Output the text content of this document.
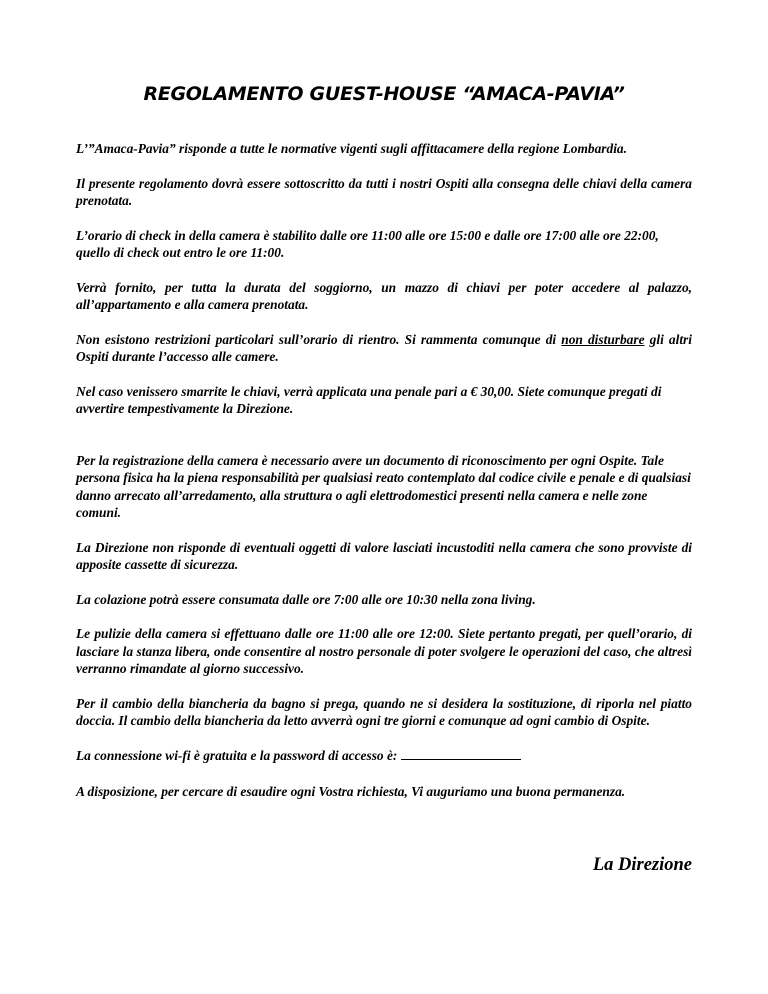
REGOLAMENTO GUEST-HOUSE “AMACA-PAVIA”

L’”Amaca-Pavia” risponde a tutte le normative vigenti sugli affittacamere della regione Lombardia.

Il presente regolamento dovrà essere sottoscritto da tutti i nostri Ospiti alla consegna delle chiavi della camera prenotata.

L’orario di check in della camera è stabilito dalle ore 11:00 alle ore 15:00 e dalle ore 17:00 alle ore 22:00, quello di check out entro le ore 11:00.

Verrà fornito, per tutta la durata del soggiorno, un mazzo di chiavi per poter accedere al palazzo, all’appartamento e alla camera prenotata.

Non esistono restrizioni particolari sull’orario di rientro. Si rammenta comunque di non disturbare gli altri Ospiti durante l’accesso alle camere.

Nel caso venissero smarrite le chiavi, verrà applicata una penale pari a € 30,00. Siete comunque pregati di avvertire tempestivamente la Direzione.

Per la registrazione della camera è necessario avere un documento di riconoscimento per ogni Ospite. Tale persona fisica ha la piena responsabilità per qualsiasi reato contemplato dal codice civile e penale e di qualsiasi danno arrecato all’arredamento, alla struttura o agli elettrodomestici presenti nella camera e nelle zone comuni.

La Direzione non risponde di eventuali oggetti di valore lasciati incustoditi nella camera che sono provviste di apposite cassette di sicurezza.

La colazione potrà essere consumata dalle ore 7:00 alle ore 10:30 nella zona living.

Le pulizie della camera si effettuano dalle ore 11:00 alle ore 12:00. Siete pertanto pregati, per quell’orario, di lasciare la stanza libera, onde consentire al nostro personale di poter svolgere le operazioni del caso, che altresì verranno rimandate al giorno successivo.

Per il cambio della biancheria da bagno si prega, quando ne si desidera la sostituzione, di riporla nel piatto doccia. Il cambio della biancheria da letto avverrà ogni tre giorni e comunque ad ogni cambio di Ospite.

La connessione wi-fi è gratuita e la password di accesso è:

A disposizione, per cercare di esaudire ogni Vostra richiesta, Vi auguriamo una buona permanenza.

La Direzione
